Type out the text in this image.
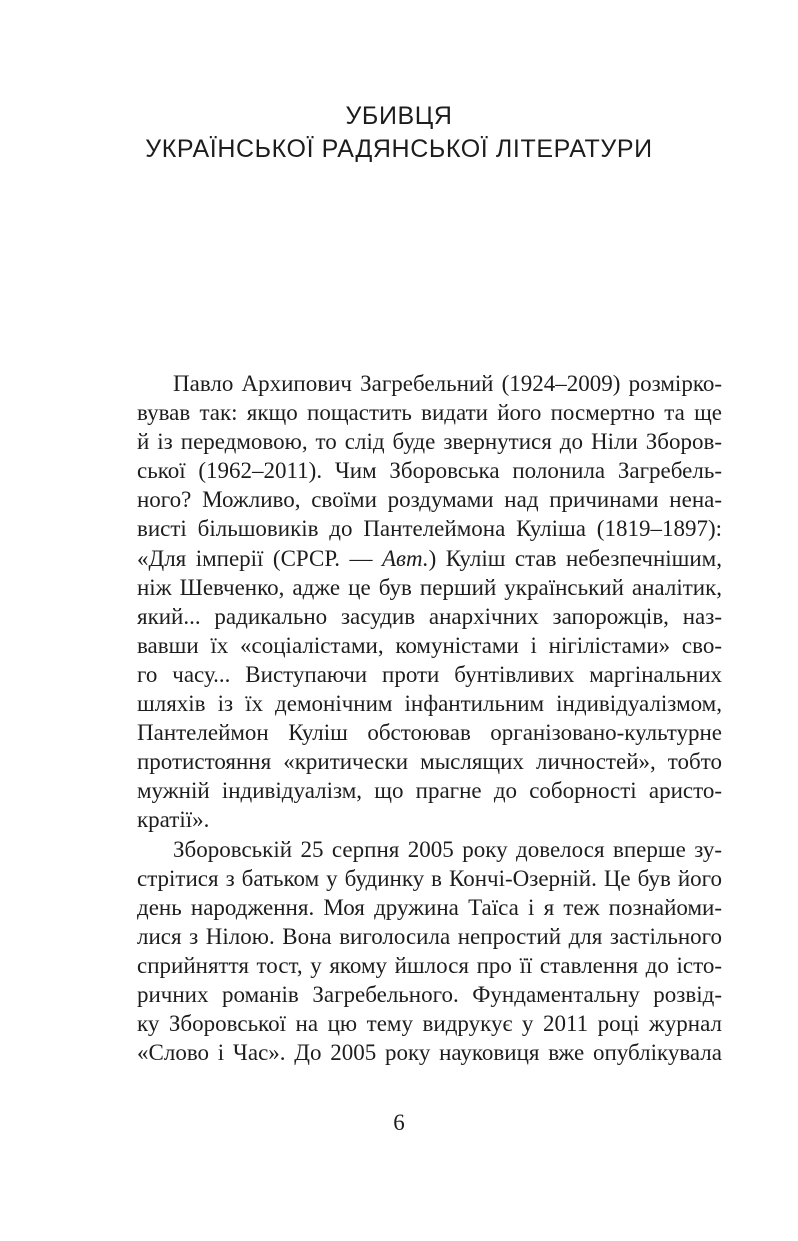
УБИВЦЯ
УКРАЇНСЬКОЇ РАДЯНСЬКОЇ ЛІТЕРАТУРИ
Павло Архипович Загребельний (1924–2009) розмірко-
вував так: якщо пощастить видати його посмертно та ще
й із передмовою, то слід буде звернутися до Ніли Зборов-
ської (1962–2011). Чим Зборовська полонила Загребель-
ного? Можливо, своїми роздумами над причинами нена-
висті більшовиків до Пантелеймона Куліша (1819–1897):
«Для імперії (СРСР. — Авт.) Куліш став небезпечнішим,
ніж Шевченко, адже це був перший український аналітик,
який... радикально засудив анархічних запорожців, наз-
вавши їх «соціалістами, комуністами і нігілістами» сво-
го часу... Виступаючи проти бунтівливих маргінальних
шляхів із їх демонічним інфантильним індивідуалізмом,
Пантелеймон Куліш обстоював організовано-культурне
протистояння «критически мыслящих личностей», тобто
мужній індивідуалізм, що прагне до соборності аристо-
кратії».
Зборовській 25 серпня 2005 року довелося вперше зу-
стрітися з батьком у будинку в Кончі-Озерній. Це був його
день народження. Моя дружина Таїса і я теж познайоми-
лися з Нілою. Вона виголосила непростий для застільного
сприйняття тост, у якому йшлося про її ставлення до істо-
ричних романів Загребельного. Фундаментальну розвід-
ку Зборовської на цю тему видрукує у 2011 році журнал
«Слово і Час». До 2005 року науковиця вже опублікувала
6
